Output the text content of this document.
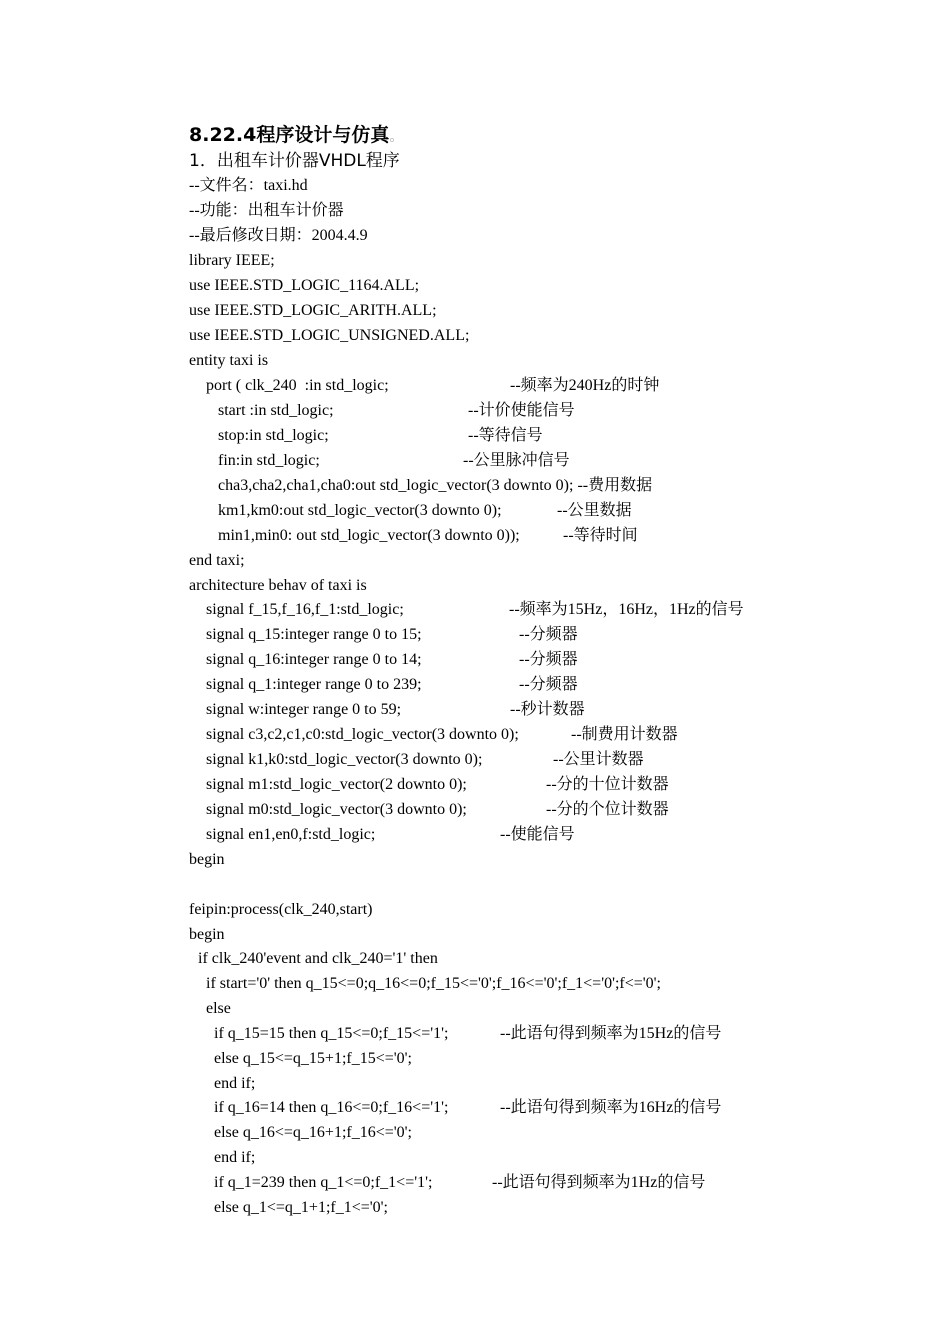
8.22.4程序设计与仿真。
1．出租车计价器VHDL程序
--文件名：taxi.hd
--功能：出租车计价器
--最后修改日期：2004.4.9
library IEEE;
use IEEE.STD_LOGIC_1164.ALL;
use IEEE.STD_LOGIC_ARITH.ALL;
use IEEE.STD_LOGIC_UNSIGNED.ALL;
entity taxi is
port ( clk_240  :in std_logic;	--频率为240Hz的时钟
start :in std_logic;	--计价使能信号
stop:in std_logic;	--等待信号
fin:in std_logic;	--公里脉冲信号
cha3,cha2,cha1,cha0:out std_logic_vector(3 downto 0); --费用数据
km1,km0:out std_logic_vector(3 downto 0);	--公里数据
min1,min0: out std_logic_vector(3 downto 0));	--等待时间
end taxi;
architecture behav of taxi is
signal f_15,f_16,f_1:std_logic;	--频率为15Hz，16Hz，1Hz的信号
signal q_15:integer range 0 to 15;	--分频器
signal q_16:integer range 0 to 14;	--分频器
signal q_1:integer range 0 to 239;	--分频器
signal w:integer range 0 to 59;	--秒计数器
signal c3,c2,c1,c0:std_logic_vector(3 downto 0);	--制费用计数器
signal k1,k0:std_logic_vector(3 downto 0);	--公里计数器
signal m1:std_logic_vector(2 downto 0);	--分的十位计数器
signal m0:std_logic_vector(3 downto 0);	--分的个位计数器
signal en1,en0,f:std_logic;	--使能信号
begin
feipin:process(clk_240,start)
begin
if clk_240'event and clk_240='1' then
if start='0' then q_15<=0;q_16<=0;f_15<='0';f_16<='0';f_1<='0';f<='0';
else
if q_15=15 then q_15<=0;f_15<='1';	--此语句得到频率为15Hz的信号
else q_15<=q_15+1;f_15<='0';
end if;
if q_16=14 then q_16<=0;f_16<='1';	--此语句得到频率为16Hz的信号
else q_16<=q_16+1;f_16<='0';
end if;
if q_1=239 then q_1<=0;f_1<='1';	--此语句得到频率为1Hz的信号
else q_1<=q_1+1;f_1<='0';
